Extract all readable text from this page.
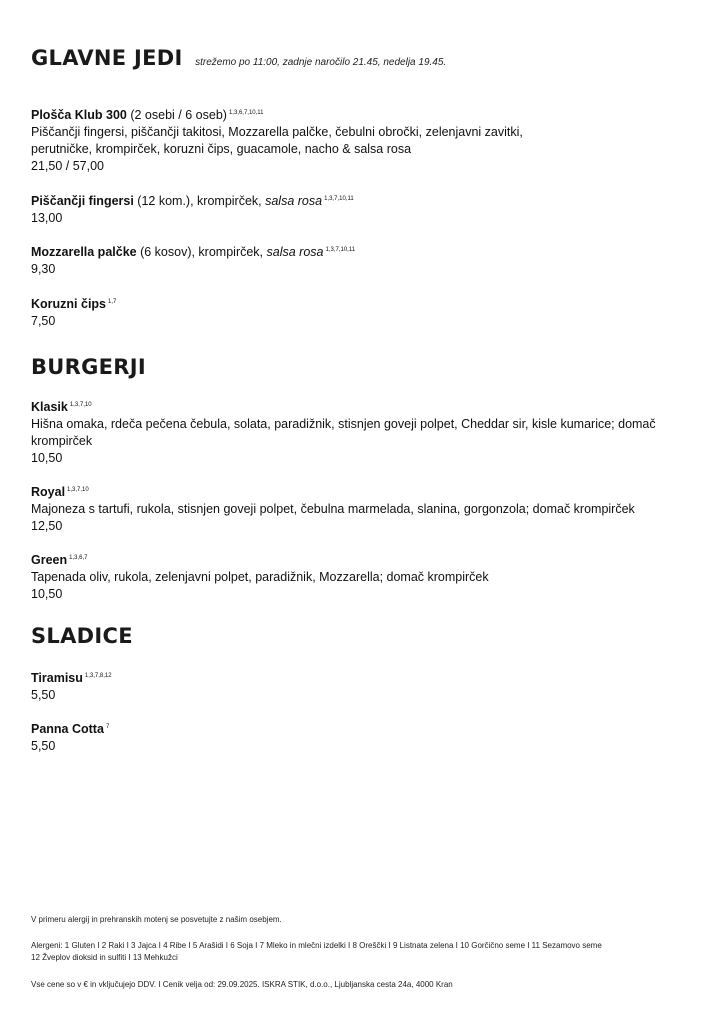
GLAVNE JEDI strežemo po 11:00, zadnje naročilo 21.45, nedelja 19.45.
Plošča Klub 300 (2 osebi / 6 oseb) $^{1,3,6,7,10,11}$
Piščančji fingersi, piščančji takitosi, Mozzarella palčke, čebulni obročki, zelenjavni zavitki,
perutničke, krompirček, koruzni čips, guacamole, nacho & salsa rosa
21,50 / 57,00
Piščančji fingersi (12 kom.), krompirček, salsa rosa $^{1,3,7,10,11}$
13,00
Mozzarella palčke (6 kosov), krompirček, salsa rosa $^{1,3,7,10,11}$
9,30
Koruzni čips $^{1,7}$
7,50
BURGERJI
Klasik $^{1,3,7,10}$
Hišna omaka, rdeča pečena čebula, solata, paradižnik, stisnjen goveji polpet, Cheddar sir, kisle kumarice; domač
krompirček
10,50
Royal $^{1,3,7,10}$
Majoneza s tartufi, rukola, stisnjen goveji polpet, čebulna marmelada, slanina, gorgonzola; domač krompirček
12,50
Green $^{1,3,6,7}$
Tapenada oliv, rukola, zelenjavni polpet, paradižnik, Mozzarella; domač krompirček
10,50
SLADICE
Tiramisu $^{1,3,7,8,12}$
5,50
Panna Cotta $^7$
5,50
V primeru alergij in prehranskih motenj se posvetujte z našim osebjem.
Alergeni: 1 Gluten I 2 Raki I 3 Jajca I 4 Ribe I 5 Arašidi I 6 Soja I 7 Mleko in mlečni izdelki I 8 Oreščki I 9 Listnata zelena I 10 Gorčično seme I 11 Sezamovo seme
12 Žveplov dioksid in sulfiti I 13 Mehkužci
Vse cene so v € in vključujejo DDV. I Cenik velja od: 29.09.2025. ISKRA STIK, d.o.o., Ljubljanska cesta 24a, 4000 Kran
